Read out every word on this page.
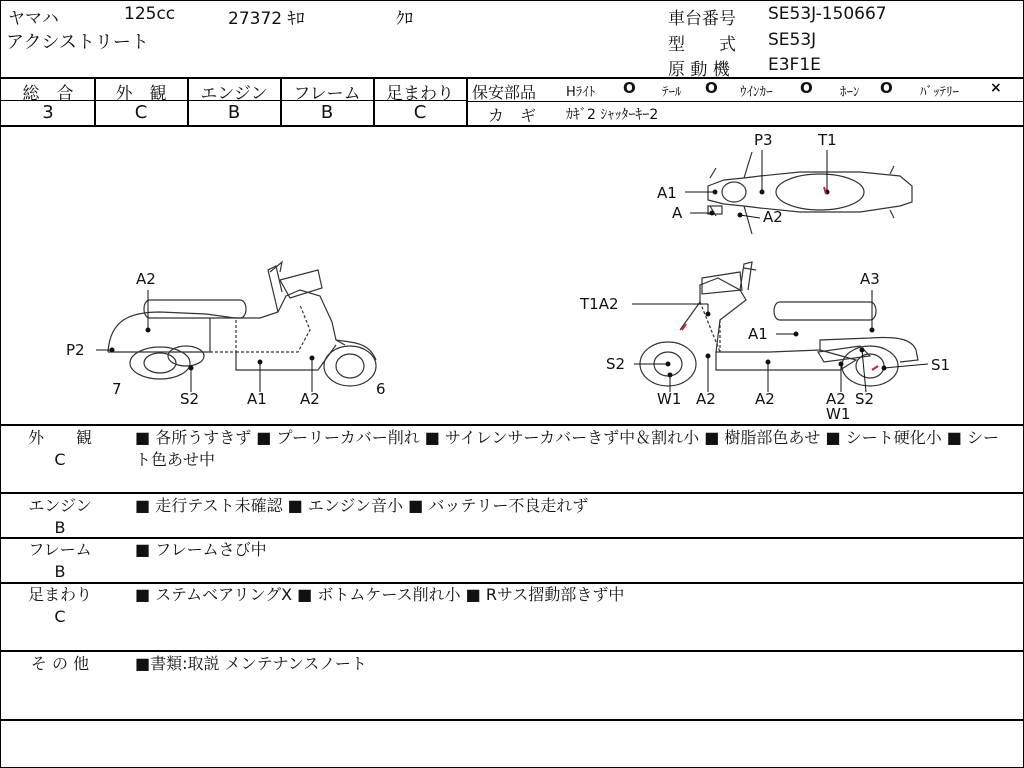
ヤマハ	125cc	27372 ｷﾛ	ｸﾛ
アクシストリート
車台番号 SE53J-150667
型　　式 SE53J
原 動 機 E3F1E
総　合	外　観	エンジン	フレーム	足まわり
3	C	B	B	C
保安部品 Hﾗｲﾄ O ﾃｰﾙ O ｳｲﾝｶｰ O ﾎｰﾝ O ﾊﾞｯﾃﾘｰ ×
カ　ギ ｶｷﾞ2 ｼｬｯﾀｰｷｰ2
P3	T1
A1
A	A2
A2
P2
7
S2	A1 A2
6
T1A2
A3
A1
S2	S1
W1 A2	A2	A2 S2
W1
外　　観
C
■ 各所うすきず ■ プーリーカバー削れ ■ サイレンサーカバーきず中＆割れ小 ■ 樹脂部色あせ ■ シート硬化小 ■ シート色あせ中
エンジン
B
■ 走行テスト未確認 ■ エンジン音小 ■ バッテリー不良走れず
フレーム
B
■ フレームさび中
足まわり
C
■ ステムベアリングX ■ ボトムケース削れ小 ■ Rサス摺動部きず中
そ の 他	■書類:取説 メンテナンスノート
